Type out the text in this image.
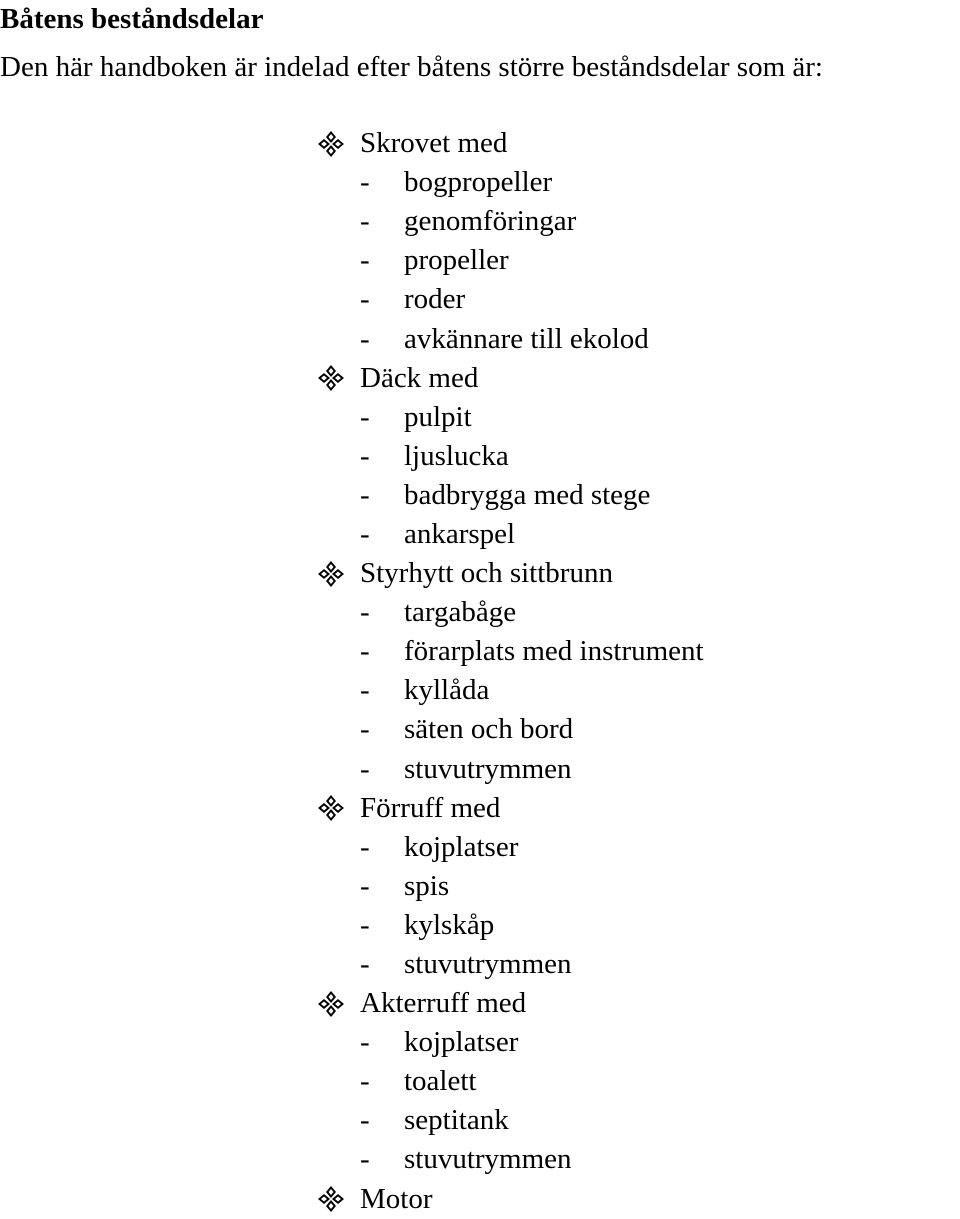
Båtens beståndsdelar

Den här handboken är indelad efter båtens större beståndsdelar som är:

Skrovet med
-	bogpropeller
-	genomföringar
-	propeller
-	roder
-	avkännare till ekolod
Däck med
-	pulpit
-	ljuslucka
-	badbrygga med stege
-	ankarspel
Styrhytt och sittbrunn
-	targabåge
-	förarplats med instrument
-	kyllåda
-	säten och bord
-	stuvutrymmen
Förruff med
-	kojplatser
-	spis
-	kylskåp
-	stuvutrymmen
Akterruff med
-	kojplatser
-	toalett
-	septitank
-	stuvutrymmen
Motor
